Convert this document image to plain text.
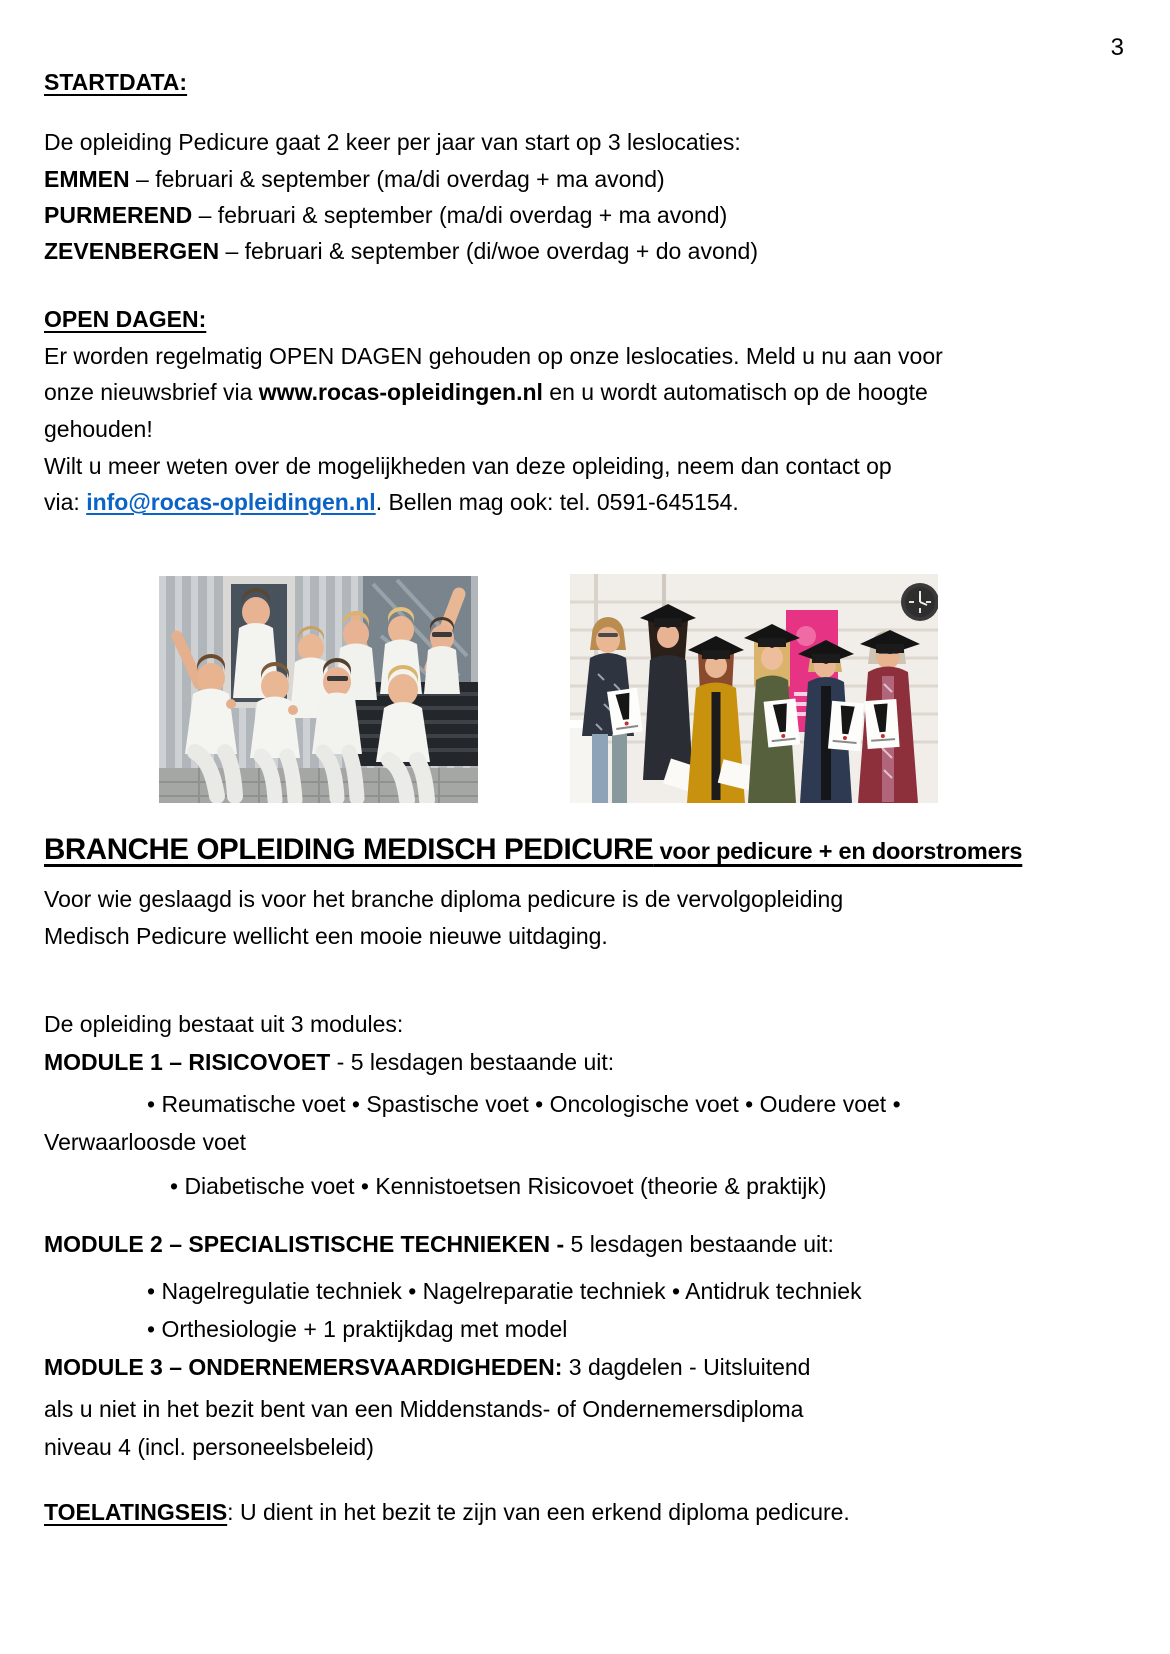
3
STARTDATA:
De opleiding Pedicure gaat 2 keer per jaar van start op 3 leslocaties:
EMMEN – februari & september (ma/di overdag + ma avond)
PURMEREND – februari & september (ma/di overdag + ma avond)
ZEVENBERGEN – februari & september (di/woe overdag + do avond)
OPEN DAGEN:
Er worden regelmatig OPEN DAGEN gehouden op onze leslocaties. Meld u nu aan voor
onze nieuwsbrief via www.rocas-opleidingen.nl en u wordt automatisch op de hoogte
gehouden!
Wilt u meer weten over de mogelijkheden van deze opleiding, neem dan contact op
via: info@rocas-opleidingen.nl. Bellen mag ook: tel. 0591-645154.
BRANCHE OPLEIDING MEDISCH PEDICURE voor pedicure + en doorstromers
Voor wie geslaagd is voor het branche diploma pedicure is de vervolgopleiding
Medisch Pedicure wellicht een mooie nieuwe uitdaging.
De opleiding bestaat uit 3 modules:
MODULE 1 – RISICOVOET - 5 lesdagen bestaande uit:
• Reumatische voet • Spastische voet • Oncologische voet • Oudere voet •
Verwaarloosde voet
• Diabetische voet • Kennistoetsen Risicovoet (theorie & praktijk)
MODULE 2 – SPECIALISTISCHE TECHNIEKEN - 5 lesdagen bestaande uit:
• Nagelregulatie techniek • Nagelreparatie techniek • Antidruk techniek
• Orthesiologie + 1 praktijkdag met model
MODULE 3 – ONDERNEMERSVAARDIGHEDEN: 3 dagdelen - Uitsluitend
als u niet in het bezit bent van een Middenstands- of Ondernemersdiploma
niveau 4 (incl. personeelsbeleid)
TOELATINGSEIS: U dient in het bezit te zijn van een erkend diploma pedicure.
